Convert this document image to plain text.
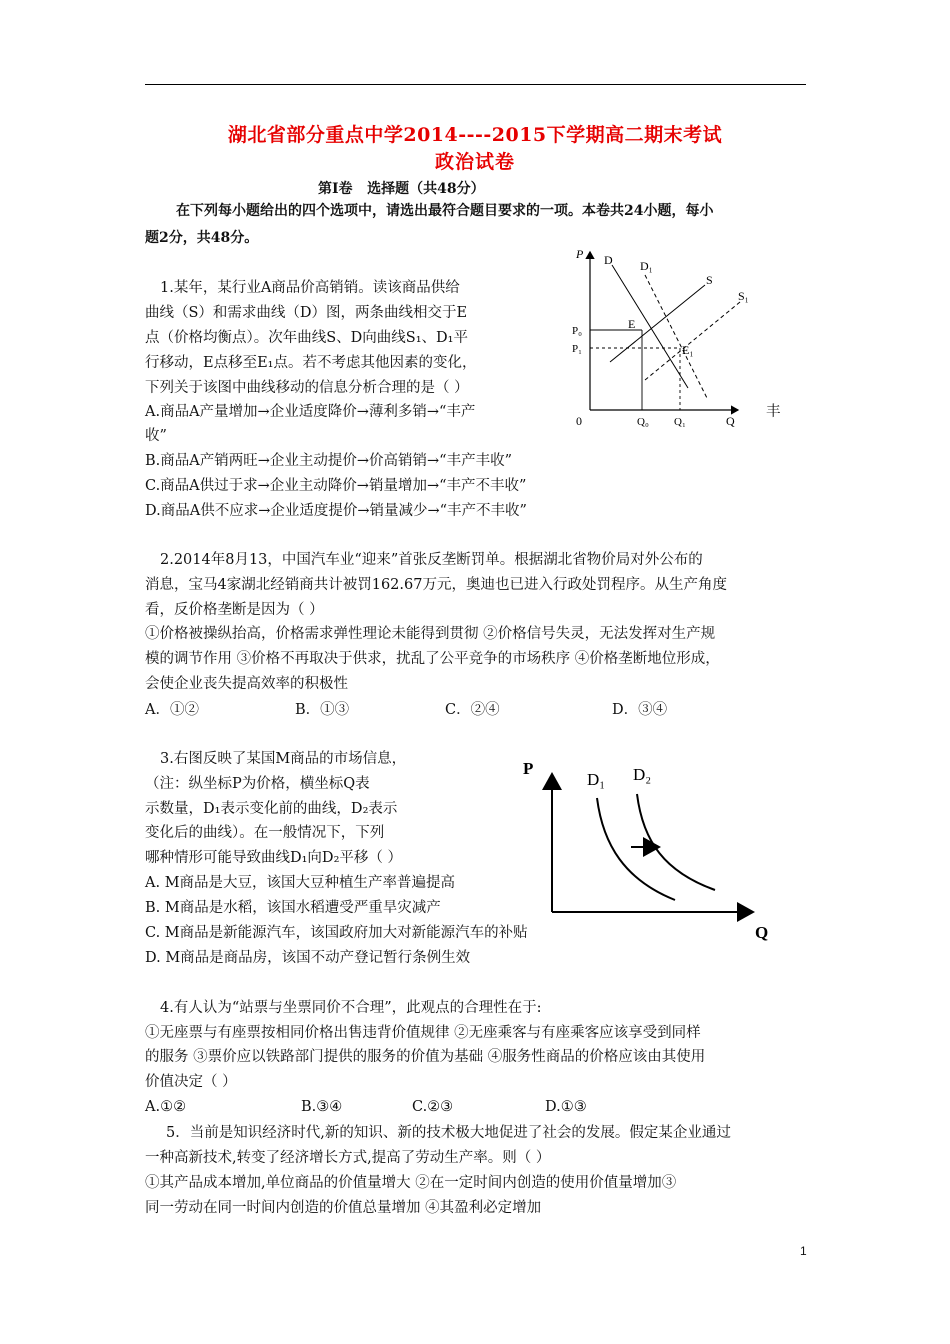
湖北省部分重点中学2014----2015下学期高二期末考试
政治试卷
第Ⅰ卷   选择题（共48分）
在下列每小题给出的四个选项中，请选出最符合题目要求的一项。本卷共24小题，每小
题2分，共48分。
1.某年，某行业A商品价高销销。读该商品供给
曲线（S）和需求曲线（D）图，两条曲线相交于E
点（价格均衡点）。次年曲线S、D向曲线S₁、D₁平
行移动，E点移至E₁点。若不考虑其他因素的变化，
下列关于该图中曲线移动的信息分析合理的是（ ）
A.商品A产量增加→企业适度降价→薄利多销→“丰产	丰
收”
B.商品A产销两旺→企业主动提价→价高销销→“丰产丰收”
C.商品A供过于求→企业主动降价→销量增加→“丰产不丰收”
D.商品A供不应求→企业适度提价→销量减少→“丰产不丰收”
P
Q
0
D D₁
S
S₁
E
E₁
P₀
P₁
Q₀ Q₁
2.2014年8月13，中国汽车业“迎来”首张反垄断罚单。根据湖北省物价局对外公布的
消息，宝马4家湖北经销商共计被罚162.67万元，奥迪也已进入行政处罚程序。从生产角度
看，反价格垄断是因为（ ）
①价格被操纵抬高，价格需求弹性理论未能得到贯彻 ②价格信号失灵，无法发挥对生产规
模的调节作用 ③价格不再取决于供求，扰乱了公平竞争的市场秩序 ④价格垄断地位形成，
会使企业丧失提高效率的积极性
A．①②	B．①③	C．②④	D．③④
3.右图反映了某国M商品的市场信息，
（注：纵坐标P为价格，横坐标Q表
示数量，D₁表示变化前的曲线，D₂表示
变化后的曲线）。在一般情况下，下列
哪种情形可能导致曲线D₁向D₂平移（ ）
A. M商品是大豆，该国大豆种植生产率普遍提高
B. M商品是水稻，该国水稻遭受严重旱灾减产
C. M商品是新能源汽车，该国政府加大对新能源汽车的补贴
D. M商品是商品房，该国不动产登记暂行条例生效
P
Q
D₁ D₂
4.有人认为“站票与坐票同价不合理”，此观点的合理性在于:
①无座票与有座票按相同价格出售违背价值规律 ②无座乘客与有座乘客应该享受到同样
的服务 ③票价应以铁路部门提供的服务的价值为基础 ④服务性商品的价格应该由其使用
价值决定（ ）
A.①②	B.③④	C.②③	D.①③
5．当前是知识经济时代,新的知识、新的技术极大地促进了社会的发展。假定某企业通过
一种高新技术,转变了经济增长方式,提高了劳动生产率。则（ ）
①其产品成本增加,单位商品的价值量增大 ②在一定时间内创造的使用价值量增加③
同一劳动在同一时间内创造的价值总量增加 ④其盈利必定增加
1
